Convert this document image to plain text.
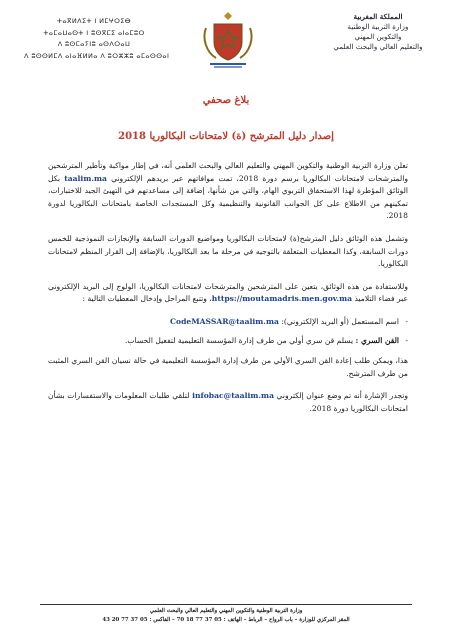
المملكة المغربية
وزارة التربية الوطنية
والتكوين المهني
والتعليم العالي والبحث العلمي
ⵜⴰⴳⵍⴷⵉⵜ ⵏ ⵍⵎⵖⵔⵉⴱ
ⵜⴰⵎⴰⵡⴰⵙⵜ ⵏ ⵓⵙⴳⵎⵉ ⴰⵏⴰⵎⵓⵔ
ⴷ ⵓⵙⵎⴰⵢⵏⵓ ⴰⵙⴷⵔⴰⵡ
ⴷ ⵓⵙⵙⵍⵎⴷ ⴰⵏⴰⴼⵍⵍⴰ ⴷ ⵓⵔⵣⵣⵓ ⴰⵎⴰⵙⵙⴰⵏ
بلاغ صحفي
إصدار دليل المترشح (ة) لامتحانات البكالوريا 2018

تعلن وزارة التربية الوطنية والتكوين المهني والتعليم العالي والبحث العلمي أنه، في إطار مواكبة وتأطير المترشحين والمترشحات لامتحانات البكالوريا برسم دورة 2018، تمت موافاتهم عبر بريدهم الإلكتروني taalim.ma بكل الوثائق المؤطرة لهذا الاستحقاق التربوي الهام، والتي من شأنها، إضافة إلى مساعدتهم في التهيئ الجيد للاختبارات، تمكينهم من الاطلاع على كل الجوانب القانونية والتنظيمية وكل المستجدات الخاصة بامتحانات البكالوريا لدورة 2018.

وتشمل هذه الوثائق دليل المترشح(ة) لامتحانات البكالوريا ومواضيع الدورات السابقة والإنجازات النموذجية للخمس دورات السابقة، وكذا المعطيات المتعلقة بالتوجيه في مرحلة ما بعد البكالوريا، بالإضافة إلى القرار المنظم لامتحانات البكالوريا.

وللاستفادة من هذه الوثائق، يتعين على المترشحين والمترشحات لامتحانات البكالوريا، الولوج إلى البريد الإلكتروني عبر فضاء التلاميذ https://moutamadris.men.gov.ma، وتتبع المراحل وإدخال المعطيات التالية :

- اسم المستعمل (أو البريد الإلكتروني): CodeMASSAR@taalim.ma
- القن السري : يسلم قن سري أولي من طرف إدارة المؤسسة التعليمية لتفعيل الحساب.

هذا، ويمكن طلب إعادة القن السري الأولي من طرف إدارة المؤسسة التعليمية في حالة نسيان القن السري المثبت من طرف المترشح.

وتجدر الإشارة أنه تم وضع عنوان إلكتروني infobac@taalim.ma لتلقي طلبات المعلومات والاستفسارات بشأن امتحانات البكالوريا دورة 2018.

وزارة التربية الوطنية والتكوين المهني والتعليم العالي والبحث العلمي
المقر المركزي للوزارة – باب الرواح – الرباط – الهاتف : 05 37 77 18 70 – الفاكس : 05 37 77 20 43
